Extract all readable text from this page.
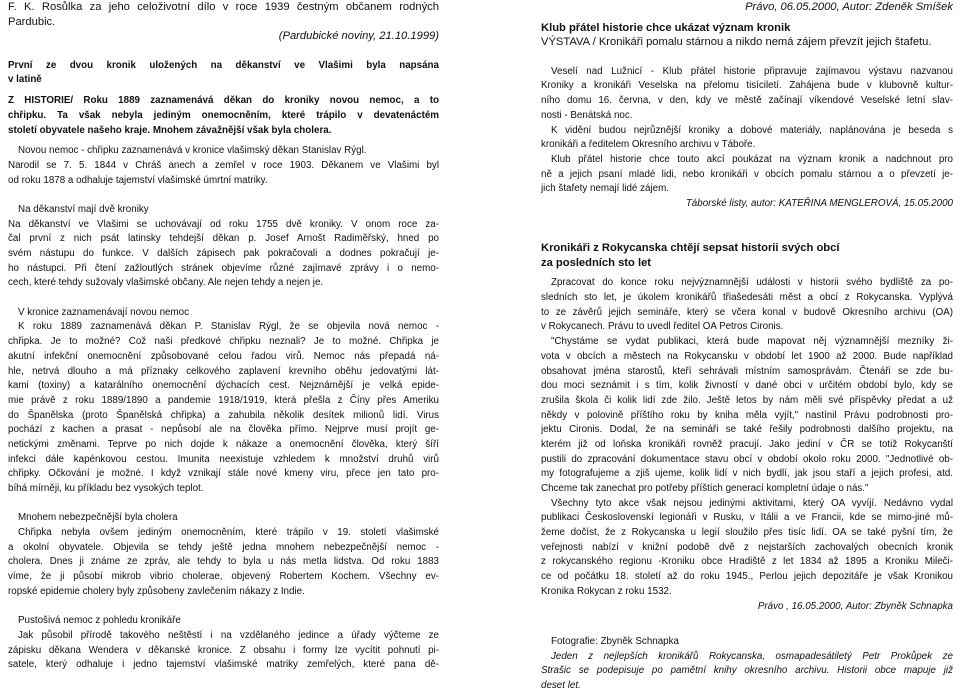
F. K. Rosůlka za jeho celoživotní dílo v roce 1939 čestným občanem rodných
Pardubic.
(Pardubické noviny, 21.10.1999)
První ze dvou kronik uložených na děkanství ve Vlašimi byla napsána
v latině
Z HISTORIE/ Roku 1889 zaznamenává děkan do kroniky novou nemoc, a to
chřipku. Ta však nebyla jediným onemocněním, které trápilo v devatenáctém
století obyvatele našeho kraje. Mnohem závažnější však byla cholera.
Novou nemoc - chřipku zaznamenává v kronice vlašimský děkan Stanislav Rýgl.
Narodil se 7. 5. 1844 v Chráš anech a zemřel v roce 1903. Děkanem ve Vlašimi byl
od roku 1878 a odhaluje tajemství vlašimské úmrtní matriky.
Na děkanství mají dvě kroniky
Na děkanství ve Vlašimi se uchovávají od roku 1755 dvě kroniky. V onom roce za-
čal první z nich psát latinsky tehdejší děkan p. Josef Arnošt Radiměřský, hned po
svém nástupu do funkce. V dalších zápisech pak pokračovali a dodnes pokračují je-
ho nástupci. Při čtení zažloutlých stránek objevíme různé zajímavé zprávy i o nemo-
cech, které tehdy sužovaly vlašimské občany. Ale nejen tehdy a nejen je.
V kronice zaznamenávají novou nemoc
K roku 1889 zaznamenává děkan P. Stanislav Rýgl, že se objevila nová nemoc -
chřipka. Je to možné? Což naši předkové chřipku neznali? Je to možné. Chřipka je
akutní infekční onemocnění způsobované celou řadou virů. Nemoc nás přepadá ná-
hle, netrvá dlouho a má příznaky celkového zaplavení krevního oběhu jedovatými lát-
kami (toxiny) a katarálního onemocnění dýchacích cest. Nejznámější je velká epide-
mie právě z roku 1889/1890 a pandemie 1918/1919, která přešla z Číny přes Ameriku
do Španělska (proto Španělská chřipka) a zahubila několik desítek milionů lidí. Virus
pochází z kachen a prasat - nepůsobí ale na člověka přímo. Nejprve musí projít ge-
netickými změnami. Teprve po nich dojde k nákaze a onemocnění člověka, který šíří
infekci dále kapénkovou cestou. Imunita neexistuje vzhledem k množství druhů virů
chřipky. Očkování je možné. I když vznikají stále nové kmeny viru, přece jen tato pro-
bíhá mírněji, ku příkladu bez vysokých teplot.
Mnohem nebezpečnější byla cholera
Chřipka nebyla ovšem jediným onemocněním, které trápilo v 19. století vlašimské
a okolní obyvatele. Objevila se tehdy ještě jedna mnohem nebezpečnější nemoc -
cholera. Dnes ji známe ze zpráv, ale tehdy to byla u nás metla lidstva. Od roku 1883
víme, že ji působí mikrob vibrio cholerae, objevený Robertem Kochem. Všechny ev-
ropské epidemie cholery byly způsobeny zavlečením nákazy z Indie.
Pustošivá nemoc z pohledu kronikáře
Jak působil přírodě takového neštěstí i na vzdělaného jedince a úřady výčteme ze
zápisku děkana Wendera v děkanské kronice. Z obsahu i formy lze vycítit pohnutí pi-
satele, který odhaluje i jedno tajemství vlašimské matriky zemřelých, které pana dě-
Právo, 06.05.2000, Autor: Zdeněk Smíšek
Klub přátel historie chce ukázat význam kronik
VÝSTAVA / Kronikáři pomalu stárnou a nikdo nemá zájem převzít jejich štafetu.
Veselí nad Lužnicí - Klub přátel historie připravuje zajímavou výstavu nazvanou
Kroniky a kronikáři Veselska na přelomu tisíciletí. Zahájena bude v klubovně kultur-
ního domu 16. června, v den, kdy ve městě začínají víkendové Veselské letní slav-
nosti - Benátská noc.
K vidění budou nejrůznější kroniky a dobové materiály, naplánována je beseda s
kronikáři a ředitelem Okresního archivu v Táboře.
Klub přátel historie chce touto akcí poukázat na význam kronik a nadchnout pro
ně a jejich psaní mladé lidi, nebo kronikáři v obcích pomalu stárnou a o převzetí je-
jich štafety nemají lidé zájem.
Táborské listy, autor: KATEŘINA MENGLEROVÁ, 15.05.2000
Kronikáři z Rokycanska chtějí sepsat historii svých obcí
za posledních sto let
Zpracovat do konce roku nejvýznamnější události v historii svého bydliště za po-
sledních sto let, je úkolem kronikářů třiašedesáti měst a obcí z Rokycanska. Vyplývá
to ze závěrů jejich semináře, který se včera konal v budově Okresního archivu (OA)
v Rokycanech. Právu to uvedl ředitel OA Petros Cironis.
"Chystáme se vydat publikaci, která bude mapovat něj významnější mezníky ži-
vota v obcích a městech na Rokycansku v období let 1900 až 2000. Bude například
obsahovat jména starostů, kteří sehrávali místním samosprávám. Čtenáři se zde bu-
dou moci seznámit i s tím, kolik živností v dané obci v určitém období bylo, kdy se
zrušila škola či kolik lidí zde žilo. Ještě letos by nám měli své příspěvky předat a už
někdy v polovině příštího roku by kniha měla vyjít," nastínil Právu podrobnosti pro-
jektu Cironis. Dodal, že na semináři se také řešily podrobnosti dalšího projektu, na
kterém již od loňska kronikáři rovněž pracují. Jako jediní v ČR se totiž Rokycanští
pustili do zpracování dokumentace stavu obcí v období okolo roku 2000. "Jednotlivé ob-
my fotografujeme a zjiš ujeme, kolik lidí v nich bydlí, jak jsou staří a jejich profesi, atd.
Chceme tak zanechat pro potřeby příštích generací kompletní údaje o nás."
Všechny tyto akce však nejsou jedinými aktivitami, který OA vyvíjí. Nedávno vydal
publikaci Československí legionáři v Rusku, v Itálii a ve Francii, kde se mimo-jiné mů-
žeme dočíst, že z Rokycanska u legií sloužilo přes tisíc lidí. OA se také pyšní tím, že
veřejnosti nabízí v knižní podobě dvě z nejstarších zachovalých obecních kronik
z rokycanského regionu -Kroniku obce Hradiště z let 1834 až 1895 a Kroniku Mileči-
ce od počátku 18. století až do roku 1945., Perlou jejich depozitáře je však Kronikou
Kronika Rokycan z roku 1532.
Právo , 16.05.2000, Autor: Zbyněk Schnapka
Fotografie: Zbyněk Schnapka
Jeden z nejlepších kronikářů Rokycanska, osmapadesátiletý Petr Prokůpek ze
Strašic se podepisuje po pamětní knihy okresního archivu. Historii obce mapuje již
deset let.
